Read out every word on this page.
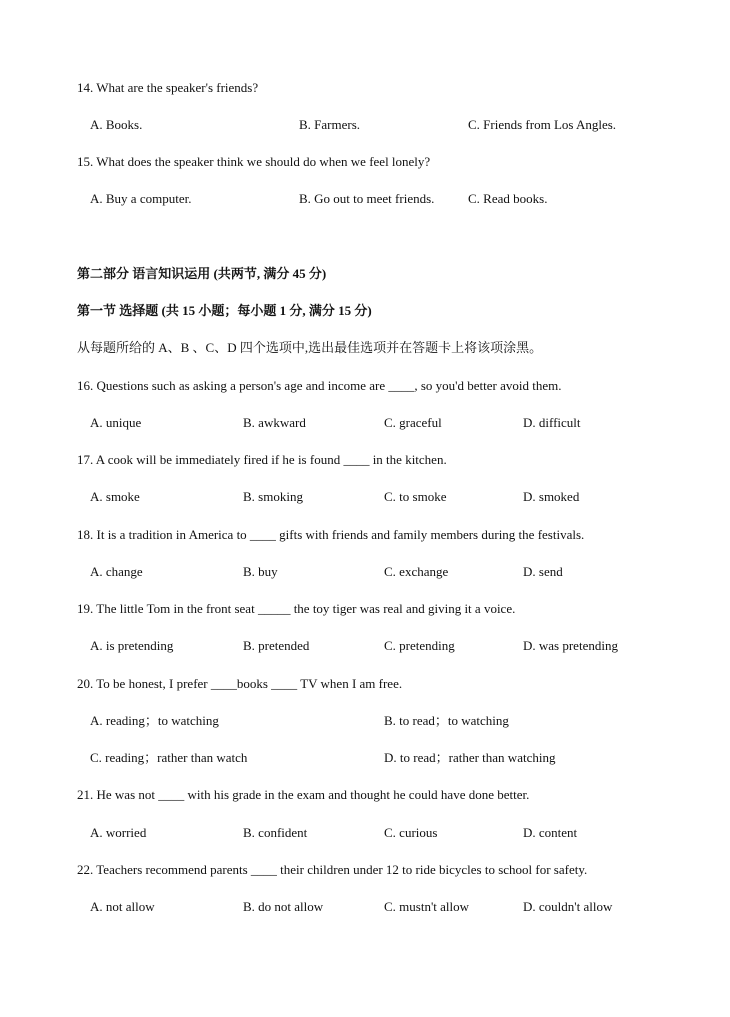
14. What are the speaker's friends?
A. Books.	B. Farmers.	C. Friends from Los Angles.
15. What does the speaker think we should do when we feel lonely?
A. Buy a computer.	B. Go out to meet friends.	C. Read books.
第二部分 语言知识运用 (共两节, 满分 45 分)
第一节 选择题 (共 15 小题；每小题 1 分, 满分 15 分)
从每题所给的 A、B 、C、D 四个选项中,选出最佳选项并在答题卡上将该项涂黑。
16. Questions such as asking a person's age and income are ____, so you'd better avoid them.
A. unique	B. awkward	C. graceful	D. difficult
17. A cook will be immediately fired if he is found ____ in the kitchen.
A. smoke	B. smoking	C. to smoke	D. smoked
18. It is a tradition in America to ____ gifts with friends and family members during the festivals.
A. change	B. buy	C. exchange	D. send
19. The little Tom in the front seat _____ the toy tiger was real and giving it a voice.
A. is pretending	B. pretended	C. pretending	D. was pretending
20. To be honest, I prefer ____books ____ TV when I am free.
A. reading；to watching	B. to read；to watching
C. reading；rather than watch	D. to read；rather than watching
21. He was not ____ with his grade in the exam and thought he could have done better.
A. worried	B. confident	C. curious	D. content
22. Teachers recommend parents ____ their children under 12 to ride bicycles to school for safety.
A. not allow	B. do not allow	C. mustn't allow	D. couldn't allow
